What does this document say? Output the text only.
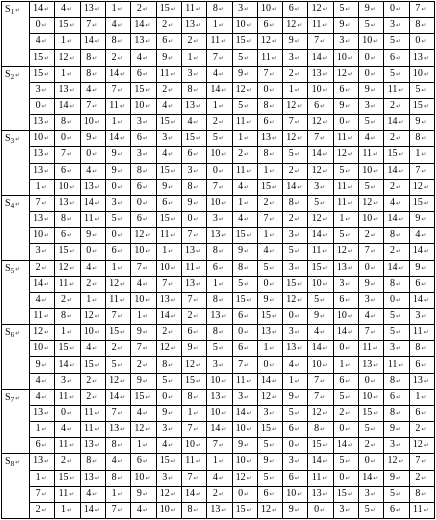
$S_1↵$	14↵	4↵	13↵	1↵	2↵	15↵	11↵	8↵	3↵	10↵	6↵	12↵	5↵	9↵	0↵	7↵
	0↵	15↵	7↵	4↵	14↵	2↵	13↵	1↵	10↵	6↵	12↵	11↵	9↵	5↵	3↵	8↵
	4↵	1↵	14↵	8↵	13↵	6↵	2↵	11↵	15↵	12↵	9↵	7↵	3↵	10↵	5↵	0↵
	15↵	12↵	8↵	2↵	4↵	9↵	1↵	7↵	5↵	11↵	3↵	14↵	10↵	0↵	6↵	13↵
$S_2↵$	15↵	1↵	8↵	14↵	6↵	11↵	3↵	4↵	9↵	7↵	2↵	13↵	12↵	0↵	5↵	10↵
	3↵	13↵	4↵	7↵	15↵	2↵	8↵	14↵	12↵	0↵	1↵	10↵	6↵	9↵	11↵	5↵
	0↵	14↵	7↵	11↵	10↵	4↵	13↵	1↵	5↵	8↵	12↵	6↵	9↵	3↵	2↵	15↵
	13↵	8↵	10↵	1↵	3↵	15↵	4↵	2↵	11↵	6↵	7↵	12↵	0↵	5↵	14↵	9↵
$S_3↵$	10↵	0↵	9↵	14↵	6↵	3↵	15↵	5↵	1↵	13↵	12↵	7↵	11↵	4↵	2↵	8↵
	13↵	7↵	0↵	9↵	3↵	4↵	6↵	10↵	2↵	8↵	5↵	14↵	12↵	11↵	15↵	1↵
	13↵	6↵	4↵	9↵	8↵	15↵	3↵	0↵	11↵	1↵	2↵	12↵	5↵	10↵	14↵	7↵
	1↵	10↵	13↵	0↵	6↵	9↵	8↵	7↵	4↵	15↵	14↵	3↵	11↵	5↵	2↵	12↵
$S_4↵$	7↵	13↵	14↵	3↵	0↵	6↵	9↵	10↵	1↵	2↵	8↵	5↵	11↵	12↵	4↵	15↵
	13↵	8↵	11↵	5↵	6↵	15↵	0↵	3↵	4↵	7↵	2↵	12↵	1↵	10↵	14↵	9↵
	10↵	6↵	9↵	0↵	12↵	11↵	7↵	13↵	15↵	1↵	3↵	14↵	5↵	2↵	8↵	4↵
	3↵	15↵	0↵	6↵	10↵	1↵	13↵	8↵	9↵	4↵	5↵	11↵	12↵	7↵	2↵	14↵
$S_5↵$	2↵	12↵	4↵	1↵	7↵	10↵	11↵	6↵	8↵	5↵	3↵	15↵	13↵	0↵	14↵	9↵
	14↵	11↵	2↵	12↵	4↵	7↵	13↵	1↵	5↵	0↵	15↵	10↵	3↵	9↵	8↵	6↵
	4↵	2↵	1↵	11↵	10↵	13↵	7↵	8↵	15↵	9↵	12↵	5↵	6↵	3↵	0↵	14↵
	11↵	8↵	12↵	7↵	1↵	14↵	2↵	13↵	6↵	15↵	0↵	9↵	10↵	4↵	5↵	3↵
$S_6↵$	12↵	1↵	10↵	15↵	9↵	2↵	6↵	8↵	0↵	13↵	3↵	4↵	14↵	7↵	5↵	11↵
	10↵	15↵	4↵	2↵	7↵	12↵	9↵	5↵	6↵	1↵	13↵	14↵	0↵	11↵	3↵	8↵
	9↵	14↵	15↵	5↵	2↵	8↵	12↵	3↵	7↵	0↵	4↵	10↵	1↵	13↵	11↵	6↵
	4↵	3↵	2↵	12↵	9↵	5↵	15↵	10↵	11↵	14↵	1↵	7↵	6↵	0↵	8↵	13↵
$S_7↵$	4↵	11↵	2↵	14↵	15↵	0↵	8↵	13↵	3↵	12↵	9↵	7↵	5↵	10↵	6↵	1↵
	13↵	0↵	11↵	7↵	4↵	9↵	1↵	10↵	14↵	3↵	5↵	12↵	2↵	15↵	8↵	6↵
	1↵	4↵	11↵	13↵	12↵	3↵	7↵	14↵	10↵	15↵	6↵	8↵	0↵	5↵	9↵	2↵
	6↵	11↵	13↵	8↵	1↵	4↵	10↵	7↵	9↵	5↵	0↵	15↵	14↵	2↵	3↵	12↵
$S_8↵$	13↵	2↵	8↵	4↵	6↵	15↵	11↵	1↵	10↵	9↵	3↵	14↵	5↵	0↵	12↵	7↵
	1↵	15↵	13↵	8↵	10↵	3↵	7↵	4↵	12↵	5↵	6↵	11↵	0↵	14↵	9↵	2↵
	7↵	11↵	4↵	1↵	9↵	12↵	14↵	2↵	0↵	6↵	10↵	13↵	15↵	3↵	5↵	8↵
	2↵	1↵	14↵	7↵	4↵	10↵	8↵	13↵	15↵	12↵	9↵	0↵	3↵	5↵	6↵	11↵
